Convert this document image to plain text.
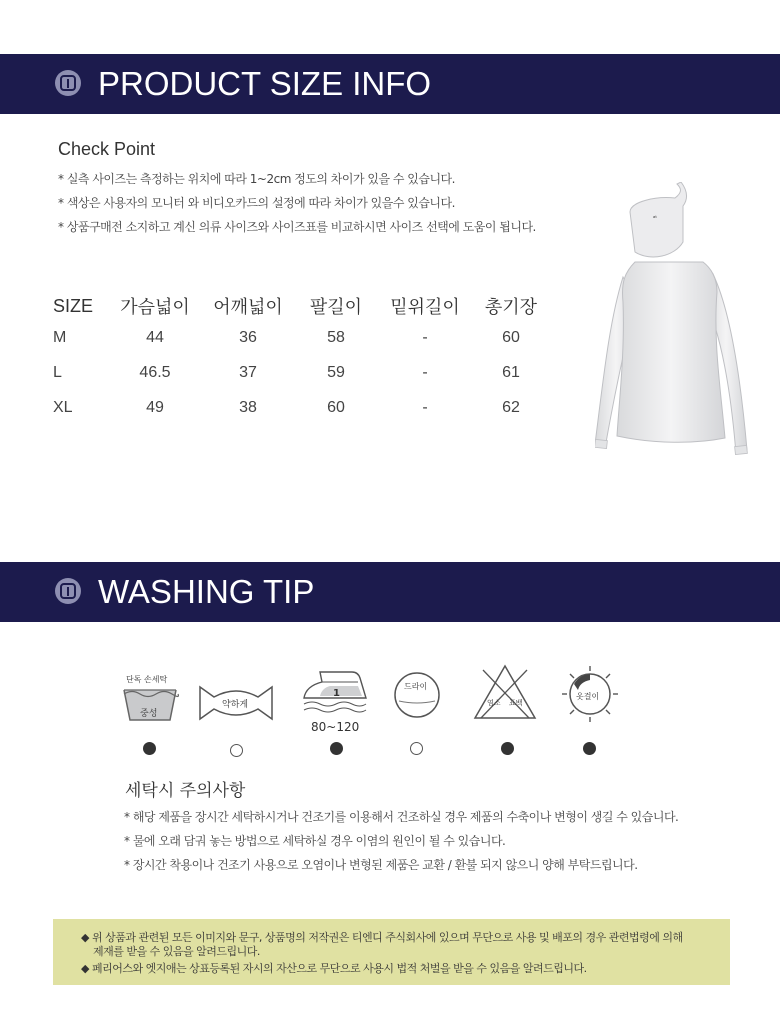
PRODUCT SIZE INFO
Check Point
* 실측 사이즈는 측정하는 위치에 따라 1~2cm 정도의 차이가 있을 수 있습니다.
* 색상은 사용자의 모니터 와 비디오카드의 설정에 따라 차이가 있을수 있습니다.
* 상품구매전 소지하고 계신 의류 사이즈와 사이즈표를 비교하시면 사이즈 선택에 도움이 됩니다.
SIZE	가슴넓이	어깨넓이	팔길이	밑위길이	총기장
M	44	36	58	-	60
L	46.5	37	59	-	61
XL	49	38	60	-	62
ᵃᵗ
WASHING TIP
단독 손세탁
중성
약하게
1
80~120
드라이
염소 표백
옷걸이
세탁시 주의사항
* 해당 제품을 장시간 세탁하시거나 건조기를 이용해서 건조하실 경우 제품의 수축이나 변형이 생길 수 있습니다.
* 물에 오래 담궈 놓는 방법으로 세탁하실 경우 이염의 원인이 될 수 있습니다.
* 장시간 착용이나 건조기 사용으로 오염이나 변형된 제품은 교환 / 환불 되지 않으니 양해 부탁드립니다.
◆ 위 상품과 관련된 모든 이미지와 문구, 상품명의 저작권은 티엔디 주식회사에 있으며 무단으로 사용 및 배포의 경우 관련법령에 의해
제재를 받을 수 있음을 알려드립니다.
◆ 페리어스와 엣지애는 상표등록된 자시의 자산으로 무단으로 사용시 법적 처벌을 받을 수 있음을 알려드립니다.
